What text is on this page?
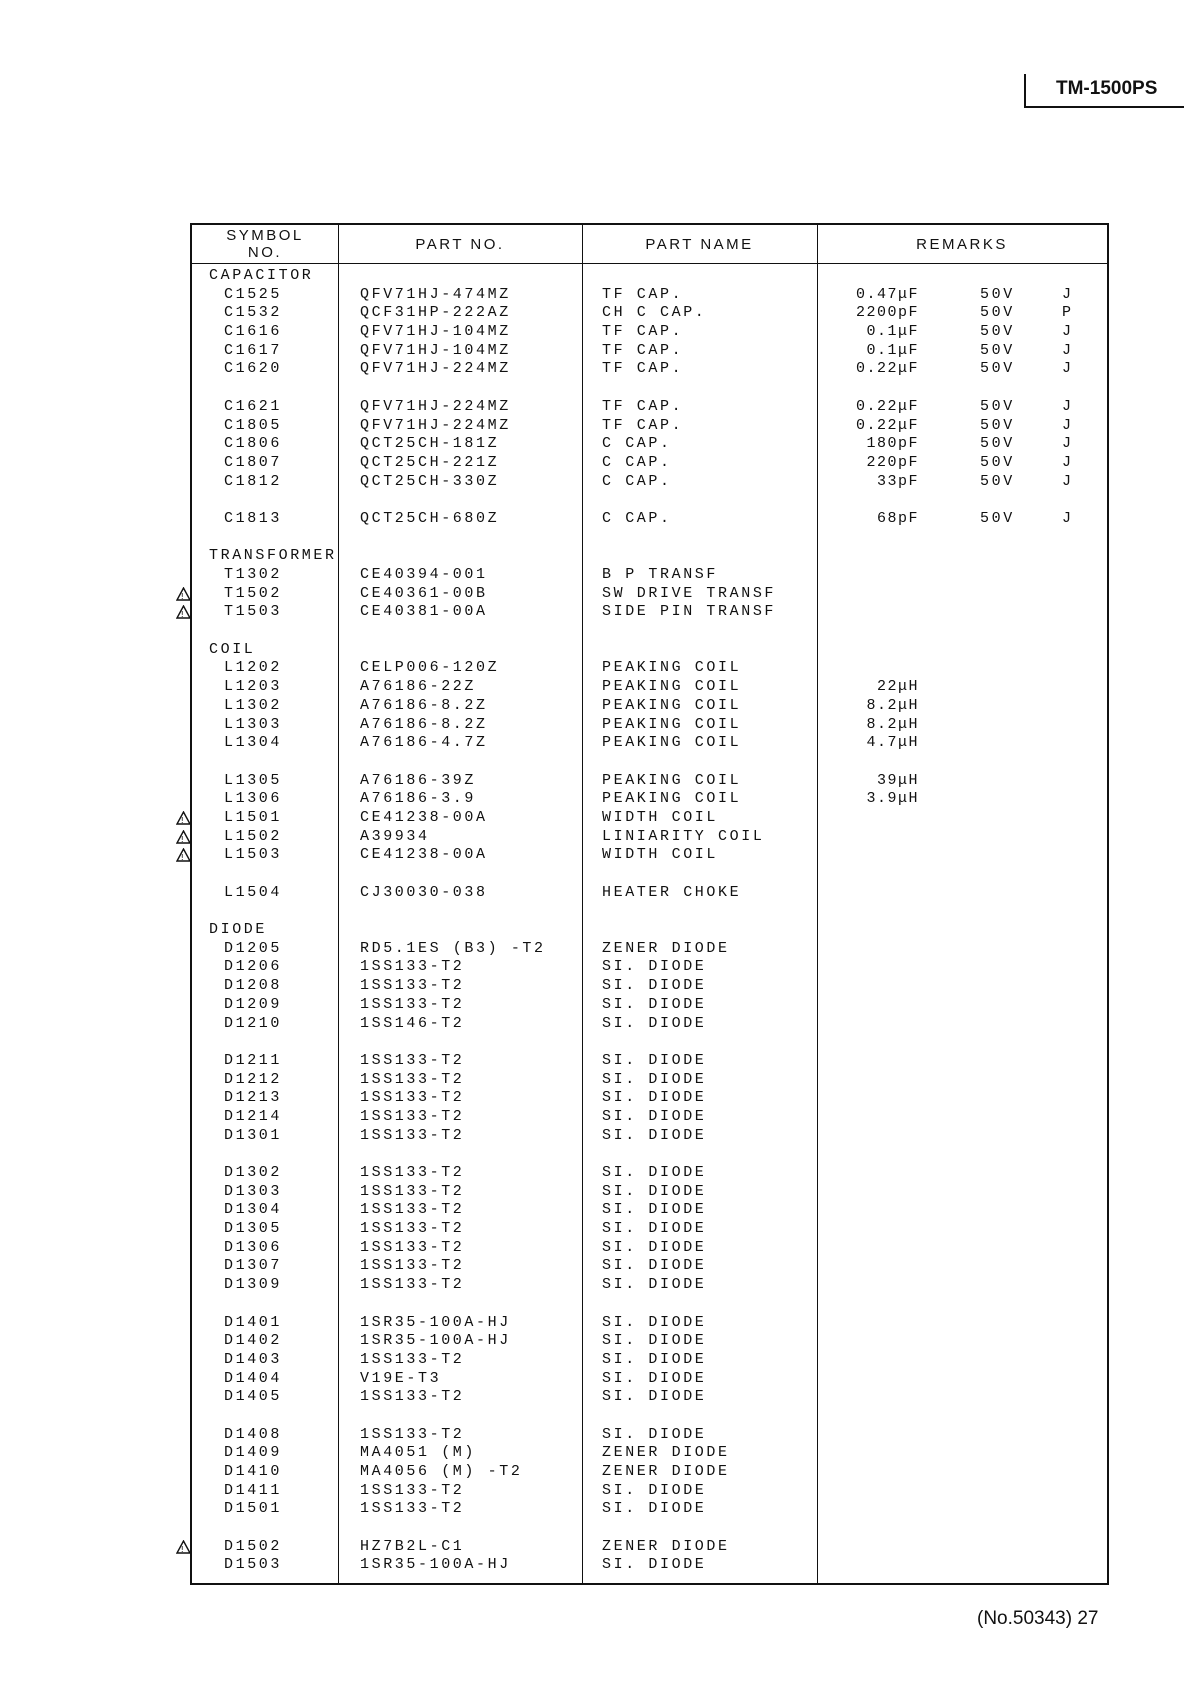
TM-1500PS
SYMBOL
NO.	PART NO.	PART NAME	REMARKS
CAPACITOR
C1525	QFV71HJ-474MZ	TF CAP.	0.47μF	50V	J
C1532	QCF31HP-222AZ	CH C CAP.	2200pF	50V	P
C1616	QFV71HJ-104MZ	TF CAP.	0.1μF	50V	J
C1617	QFV71HJ-104MZ	TF CAP.	0.1μF	50V	J
C1620	QFV71HJ-224MZ	TF CAP.	0.22μF	50V	J
C1621	QFV71HJ-224MZ	TF CAP.	0.22μF	50V	J
C1805	QFV71HJ-224MZ	TF CAP.	0.22μF	50V	J
C1806	QCT25CH-181Z	C CAP.	180pF	50V	J
C1807	QCT25CH-221Z	C CAP.	220pF	50V	J
C1812	QCT25CH-330Z	C CAP.	33pF	50V	J
C1813	QCT25CH-680Z	C CAP.	68pF	50V	J
TRANSFORMER
T1302	CE40394-001	B P TRANSF
!	T1502	CE40361-00B	SW DRIVE TRANSF
!	T1503	CE40381-00A	SIDE PIN TRANSF
COIL
L1202	CELP006-120Z	PEAKING COIL
L1203	A76186-22Z	PEAKING COIL	22μH
L1302	A76186-8.2Z	PEAKING COIL	8.2μH
L1303	A76186-8.2Z	PEAKING COIL	8.2μH
L1304	A76186-4.7Z	PEAKING COIL	4.7μH
L1305	A76186-39Z	PEAKING COIL	39μH
L1306	A76186-3.9	PEAKING COIL	3.9μH
!	L1501	CE41238-00A	WIDTH COIL
!	L1502	A39934	LINIARITY COIL
!	L1503	CE41238-00A	WIDTH COIL
L1504	CJ30030-038	HEATER CHOKE
DIODE
D1205	RD5.1ES (B3) -T2	ZENER DIODE
D1206	1SS133-T2	SI. DIODE
D1208	1SS133-T2	SI. DIODE
D1209	1SS133-T2	SI. DIODE
D1210	1SS146-T2	SI. DIODE
D1211	1SS133-T2	SI. DIODE
D1212	1SS133-T2	SI. DIODE
D1213	1SS133-T2	SI. DIODE
D1214	1SS133-T2	SI. DIODE
D1301	1SS133-T2	SI. DIODE
D1302	1SS133-T2	SI. DIODE
D1303	1SS133-T2	SI. DIODE
D1304	1SS133-T2	SI. DIODE
D1305	1SS133-T2	SI. DIODE
D1306	1SS133-T2	SI. DIODE
D1307	1SS133-T2	SI. DIODE
D1309	1SS133-T2	SI. DIODE
D1401	1SR35-100A-HJ	SI. DIODE
D1402	1SR35-100A-HJ	SI. DIODE
D1403	1SS133-T2	SI. DIODE
D1404	V19E-T3	SI. DIODE
D1405	1SS133-T2	SI. DIODE
D1408	1SS133-T2	SI. DIODE
D1409	MA4051 (M)	ZENER DIODE
D1410	MA4056 (M) -T2	ZENER DIODE
D1411	1SS133-T2	SI. DIODE
D1501	1SS133-T2	SI. DIODE
!	D1502	HZ7B2L-C1	ZENER DIODE
D1503	1SR35-100A-HJ	SI. DIODE
(No.50343) 27
